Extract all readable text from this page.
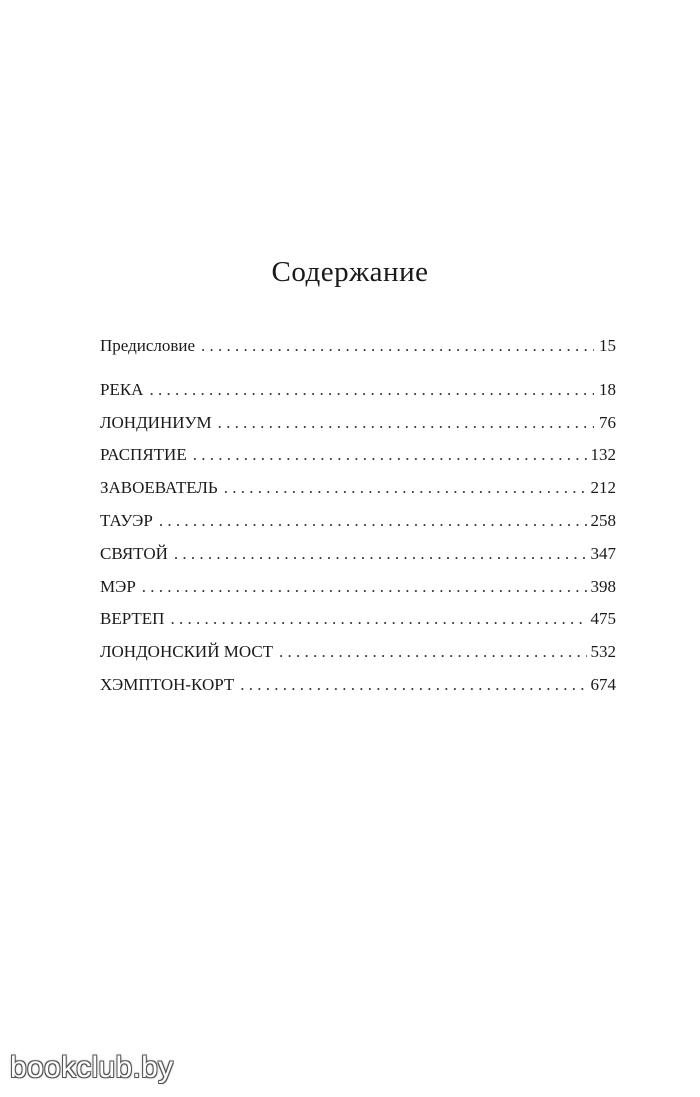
Содержание
Предисловие . . .	15
РЕКА . . .	18
ЛОНДИНИУМ . . .	76
РАСПЯТИЕ . . .	132
ЗАВОЕВАТЕЛЬ . . .	212
ТАУЭР . . .	258
СВЯТОЙ . . .	347
МЭР . . .	398
ВЕРТЕП . . .	475
ЛОНДОНСКИЙ МОСТ . . .	532
ХЭМПТОН-КОРТ . . .	674
bookclub.by
